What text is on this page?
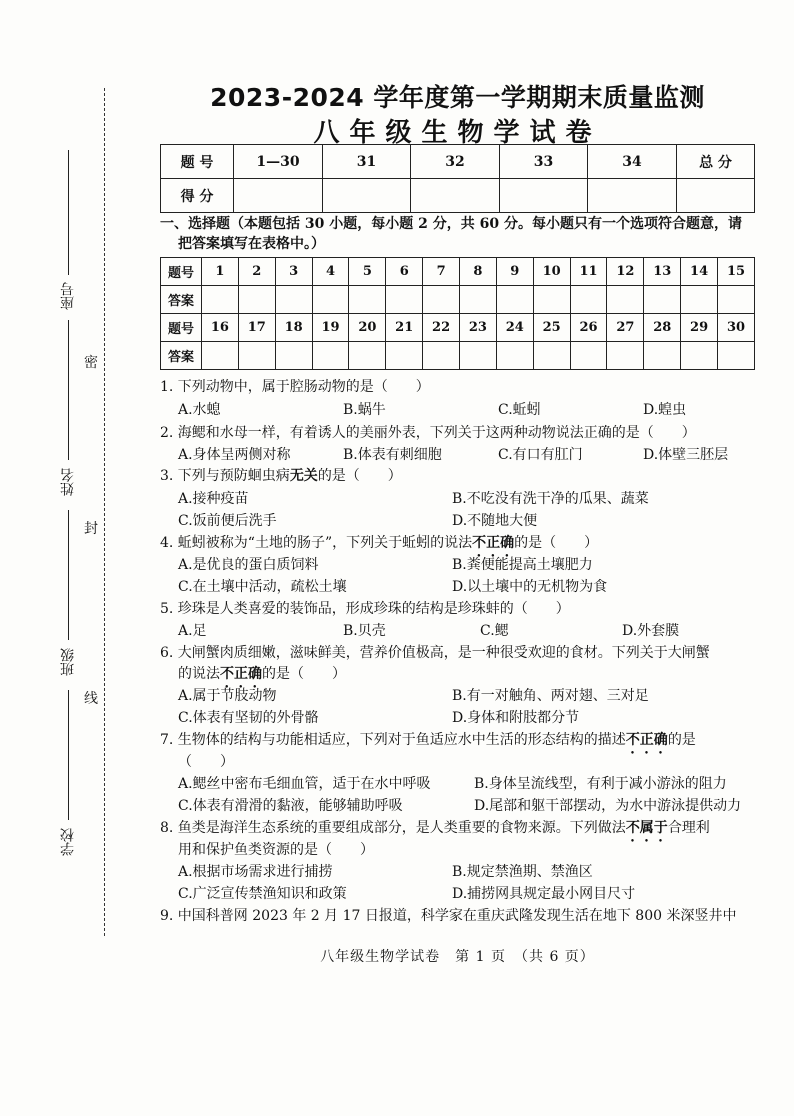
座号
姓名
班级
学校
密
封
线
2023-2024 学年度第一学期期末质量监测
八年级生物学试卷
题 号	1—30	31	32	33	34	总 分
得 分						
一、选择题（本题包括 30 小题，每小题 2 分，共 60 分。每小题只有一个选项符合题意，请
把答案填写在表格中。）
题号	1	2	3	4	5	6	7	8	9	10	11	12	13	14	15
答案															
题号	16	17	18	19	20	21	22	23	24	25	26	27	28	29	30
答案															
1. 下列动物中，属于腔肠动物的是（　　）
A.水螅	B.蜗牛	C.蚯蚓	D.蝗虫
2. 海鳃和水母一样，有着诱人的美丽外表，下列关于这两种动物说法正确的是（　　）
A.身体呈两侧对称	B.体表有刺细胞	C.有口有肛门	D.体壁三胚层
3. 下列与预防蛔虫病无关的是（　　）
A.接种疫苗	B.不吃没有洗干净的瓜果、蔬菜
C.饭前便后洗手	D.不随地大便
4. 蚯蚓被称为“土地的肠子”，下列关于蚯蚓的说法不正确的是（　　）
A.是优良的蛋白质饲料	B.粪便能提高土壤肥力
C.在土壤中活动，疏松土壤	D.以土壤中的无机物为食
5. 珍珠是人类喜爱的装饰品，形成珍珠的结构是珍珠蚌的（　　）
A.足	B.贝壳	C.鳃	D.外套膜
6. 大闸蟹肉质细嫩，滋味鲜美，营养价值极高，是一种很受欢迎的食材。下列关于大闸蟹
的说法不正确的是（　　）
A.属于节肢动物	B.有一对触角、两对翅、三对足
C.体表有坚韧的外骨骼	D.身体和附肢都分节
7. 生物体的结构与功能相适应，下列对于鱼适应水中生活的形态结构的描述不正确的是
（　　）
A.鳃丝中密布毛细血管，适于在水中呼吸	B.身体呈流线型，有利于减小游泳的阻力
C.体表有滑滑的黏液，能够辅助呼吸	D.尾部和躯干部摆动，为水中游泳提供动力
8. 鱼类是海洋生态系统的重要组成部分，是人类重要的食物来源。下列做法不属于合理利
用和保护鱼类资源的是（　　）
A.根据市场需求进行捕捞	B.规定禁渔期、禁渔区
C.广泛宣传禁渔知识和政策	D.捕捞网具规定最小网目尺寸
9. 中国科普网 2023 年 2 月 17 日报道，科学家在重庆武隆发现生活在地下 800 米深竖井中
八年级生物学试卷　第 1 页　（共 6 页）
